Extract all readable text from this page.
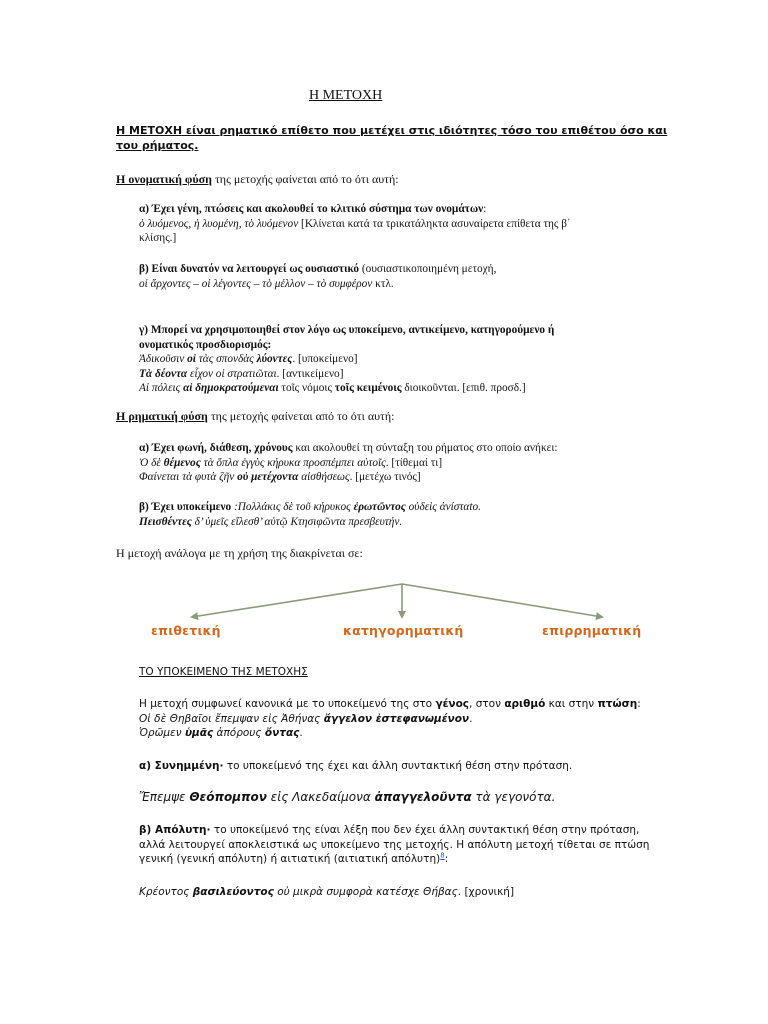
Η ΜΕΤΟΧΗ
Η ΜΕΤΟΧΗ είναι ρηματικό επίθετο που μετέχει στις ιδιότητες τόσο του επιθέτου όσο και
του ρήματος.
Η ονοματική φύση της μετοχής φαίνεται από το ότι αυτή:
α) Έχει γένη, πτώσεις και ακολουθεί το κλιτικό σύστημα των ονομάτων:
ὁ λυόμενος, ἡ λυομένη, τὸ λυόμενον [Κλίνεται κατά τα τρικατάληκτα ασυναίρετα επίθετα της β΄
κλίσης.]
β) Είναι δυνατόν να λειτουργεί ως ουσιαστικό (ουσιαστικοποιημένη μετοχή,
οἱ ἄρχοντες – οἱ λέγοντες – τὸ μέλλον – τὸ συμφέρον κτλ.
γ) Μπορεί να χρησιμοποιηθεί στον λόγο ως υποκείμενο, αντικείμενο, κατηγορούμενο ή
ονοματικός προσδιορισμός:
Ἀδικοῦσιν οἱ τὰς σπονδὰς λύοντες. [υποκείμενο]
Τὰ δέοντα εἶχον οἱ στρατιῶται. [αντικείμενο]
Αἱ πόλεις αἱ δημοκρατούμεναι τοῖς νόμοις τοῖς κειμένοις διοικοῦνται. [επιθ. προσδ.]
Η ρηματική φύση της μετοχής φαίνεται από το ότι αυτή:
α) Έχει φωνή, διάθεση, χρόνους και ακολουθεί τη σύνταξη του ρήματος στο οποίο ανήκει:
Ὁ δὲ θέμενος τὰ ὅπλα ἐγγὺς κήρυκα προσπέμπει αὐτοῖς. [τίθεμαί τι]
Φαίνεται τὰ φυτὰ ζῆν οὐ μετέχοντα αἰσθήσεως. [μετέχω τινός]
β) Έχει υποκείμενο :Πολλάκις δὲ τοῦ κήρυκος ἐρωτῶντος οὐδεὶς ἀνίσταtο.
Πεισθέντες δ’ ὑμεῖς εἴλεσθ’ αὐτῷ Κτησιφῶντα πρεσβευτήν.
Η μετοχή ανάλογα με τη χρήση της διακρίνεται σε:
επιθετική	κατηγορηματική	επιρρηματική
ΤΟ ΥΠΟΚΕΙΜΕΝΟ ΤΗΣ ΜΕΤΟΧΗΣ
Η μετοχή συμφωνεί κανονικά με το υποκείμενό της στο γένος, στον αριθμό και στην πτώση:
Οἱ δὲ Θηβαῖοι ἔπεμψαν εἰς Ἀθήνας ἄγγελον ἐστεφανωμένον.
Ὁρῶμεν ὑμᾶς ἀπόρους ὄντας.
α) Συνημμένη· το υποκείμενό της έχει και άλλη συντακτική θέση στην πρόταση.
Ἔπεμψε Θεόπομπον εἰς Λακεδαίμονα ἀπαγγελοῦντα τὰ γεγονότα.
β) Απόλυτη· το υποκείμενό της είναι λέξη που δεν έχει άλλη συντακτική θέση στην πρόταση,
αλλά λειτουργεί αποκλειστικά ως υποκείμενο της μετοχής. Η απόλυτη μετοχή τίθεται σε πτώση
γενική (γενική απόλυτη) ή αιτιατική (αιτιατική απόλυτη)$^8$:
Κρέοντος βασιλεύοντος οὐ μικρὰ συμφορὰ κατέσχε Θήβας. [χρονική]
